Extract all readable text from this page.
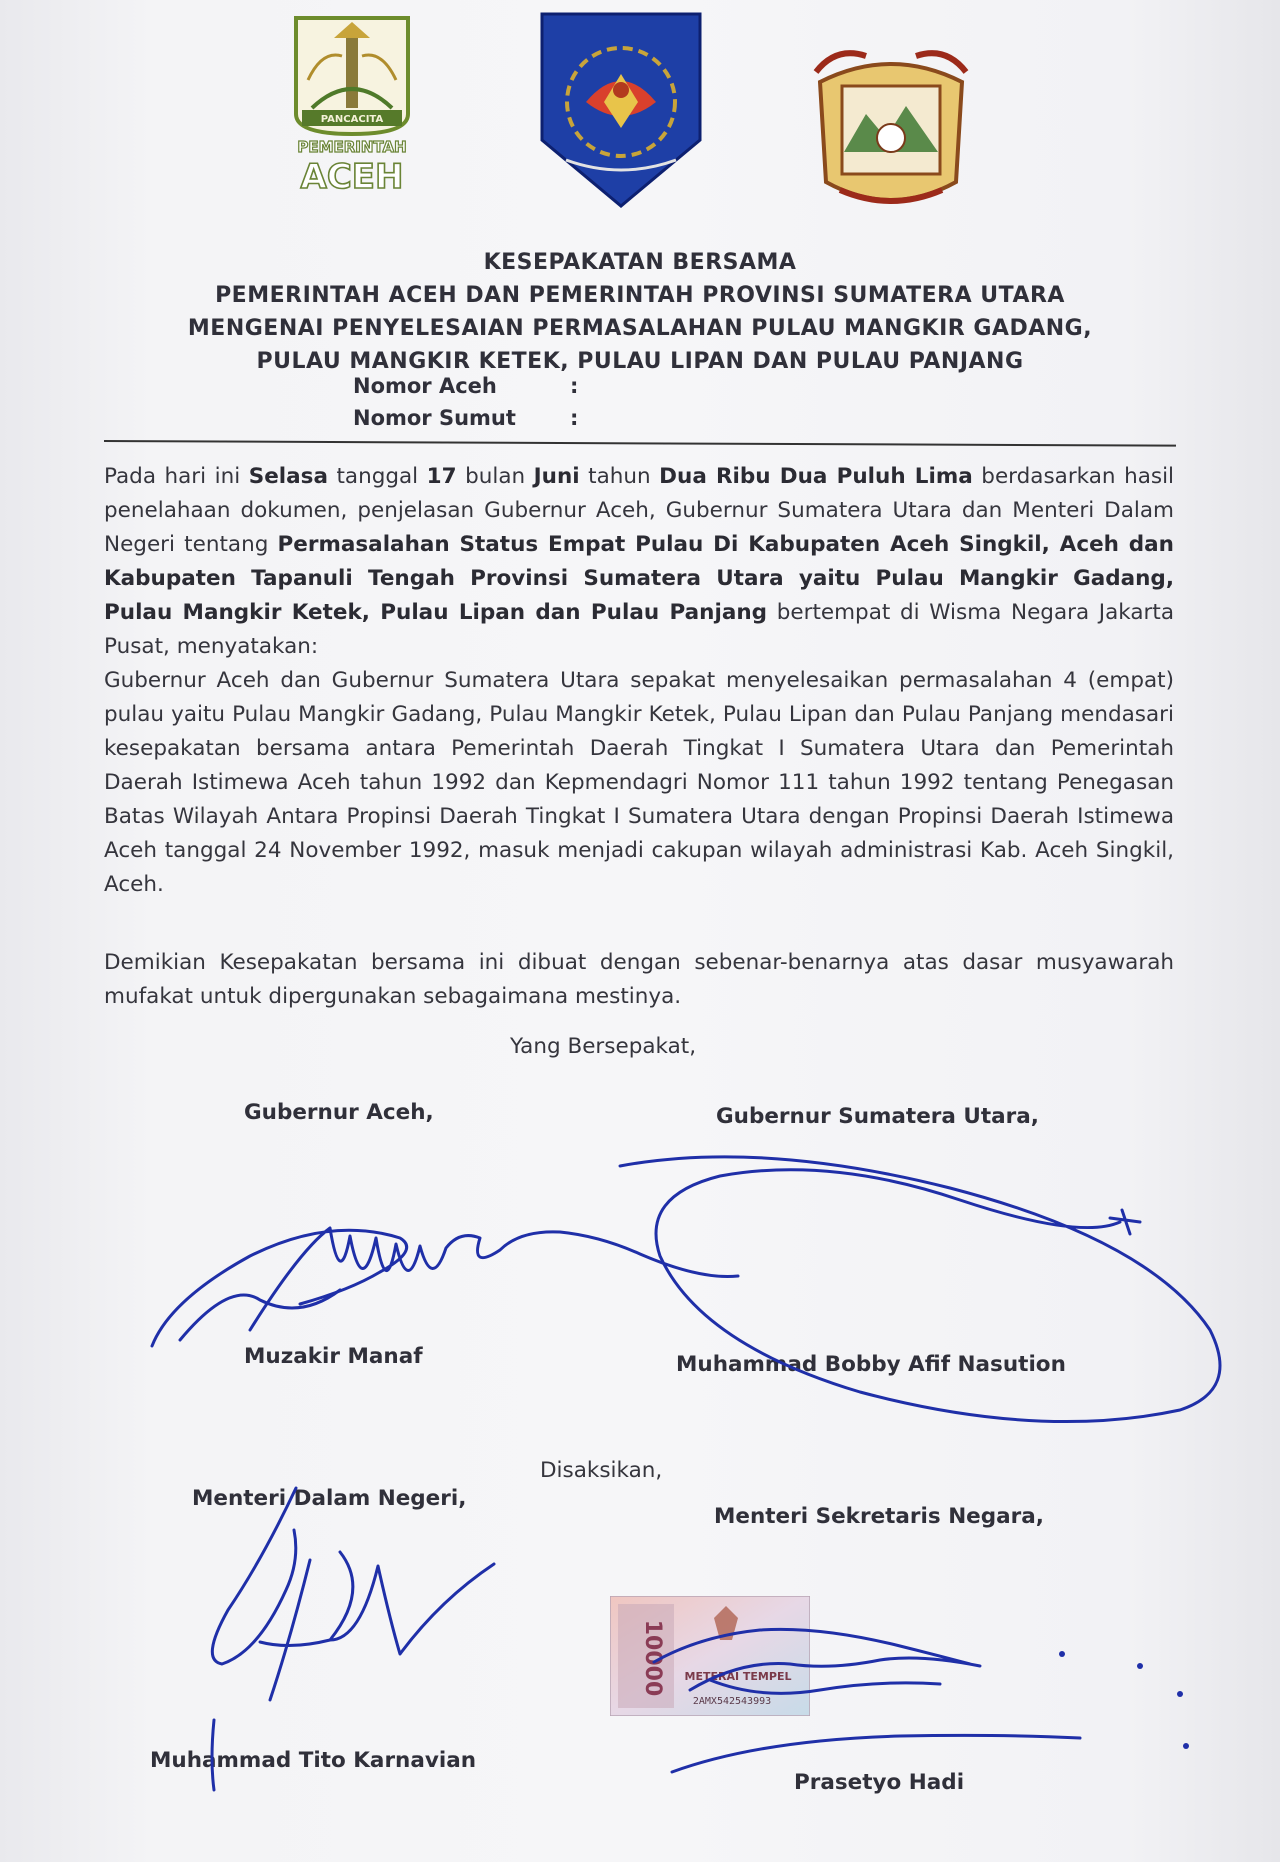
PANCACITA
PEMERINTAH
ACEH
KESEPAKATAN BERSAMA
PEMERINTAH ACEH DAN PEMERINTAH PROVINSI SUMATERA UTARA
MENGENAI PENYELESAIAN PERMASALAHAN PULAU MANGKIR GADANG,
PULAU MANGKIR KETEK, PULAU LIPAN DAN PULAU PANJANG
Nomor Aceh	:
Nomor Sumut	:
Pada hari ini Selasa tanggal 17 bulan Juni tahun Dua Ribu Dua Puluh Lima berdasarkan hasil penelahaan dokumen, penjelasan Gubernur Aceh, Gubernur Sumatera Utara dan Menteri Dalam Negeri tentang Permasalahan Status Empat Pulau Di Kabupaten Aceh Singkil, Aceh dan Kabupaten Tapanuli Tengah Provinsi Sumatera Utara yaitu Pulau Mangkir Gadang, Pulau Mangkir Ketek, Pulau Lipan dan Pulau Panjang bertempat di Wisma Negara Jakarta Pusat, menyatakan:
Gubernur Aceh dan Gubernur Sumatera Utara sepakat menyelesaikan permasalahan 4 (empat) pulau yaitu Pulau Mangkir Gadang, Pulau Mangkir Ketek, Pulau Lipan dan Pulau Panjang mendasari kesepakatan bersama antara Pemerintah Daerah Tingkat I Sumatera Utara dan Pemerintah Daerah Istimewa Aceh tahun 1992 dan Kepmendagri Nomor 111 tahun 1992 tentang Penegasan Batas Wilayah Antara Propinsi Daerah Tingkat I Sumatera Utara dengan Propinsi Daerah Istimewa Aceh tanggal 24 November 1992, masuk menjadi cakupan wilayah administrasi Kab. Aceh Singkil, Aceh.
Demikian Kesepakatan bersama ini dibuat dengan sebenar-benarnya atas dasar musyawarah mufakat untuk dipergunakan sebagaimana mestinya.
Yang Bersepakat,
Gubernur Aceh,	Gubernur Sumatera Utara,
Muzakir Manaf	Muhammad Bobby Afif Nasution
Disaksikan,
Menteri Dalam Negeri,
Menteri Sekretaris Negara,
Muhammad Tito Karnavian
Prasetyo Hadi
10000 METERAI TEMPEL
2AMX542543993
